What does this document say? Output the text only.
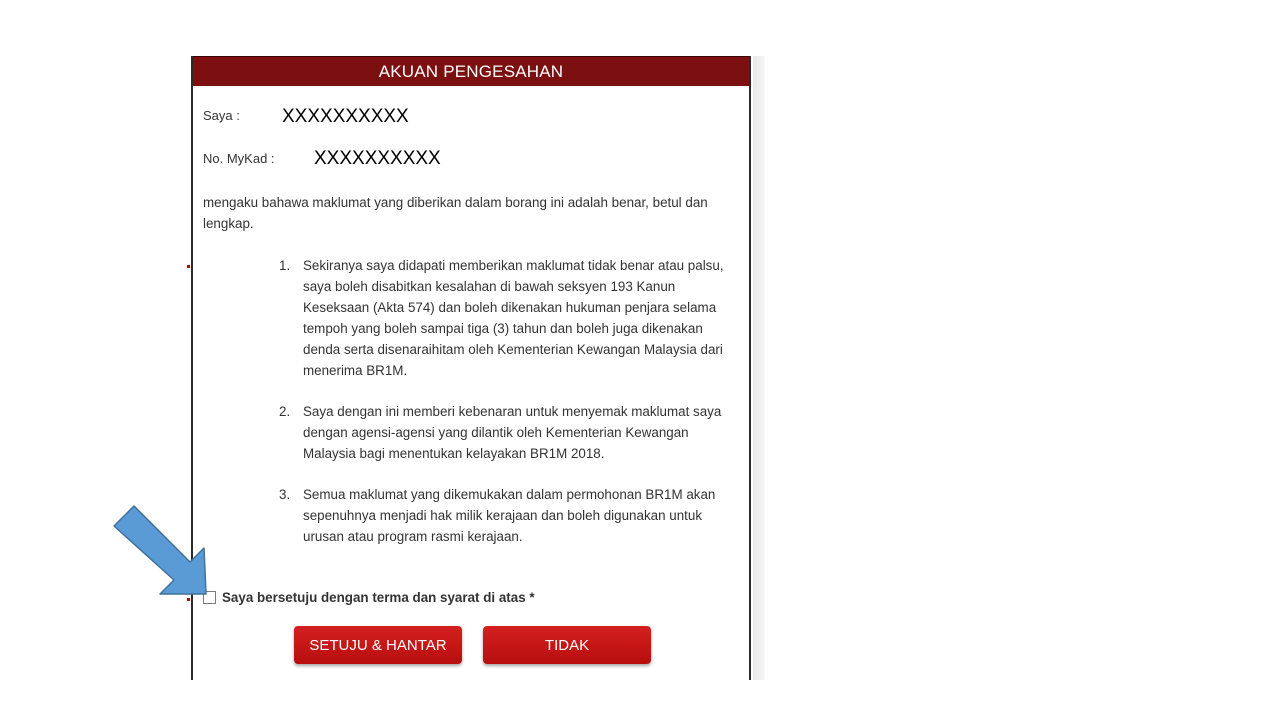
AKUAN PENGESAHAN
Saya : XXXXXXXXXX
No. MyKad : XXXXXXXXXX
mengaku bahawa maklumat yang diberikan dalam borang ini adalah benar, betul dan lengkap.
1. Sekiranya saya didapati memberikan maklumat tidak benar atau palsu, saya boleh disabitkan kesalahan di bawah seksyen 193 Kanun Keseksaan (Akta 574) dan boleh dikenakan hukuman penjara selama tempoh yang boleh sampai tiga (3) tahun dan boleh juga dikenakan denda serta disenaraihitam oleh Kementerian Kewangan Malaysia dari menerima BR1M.
2. Saya dengan ini memberi kebenaran untuk menyemak maklumat saya dengan agensi-agensi yang dilantik oleh Kementerian Kewangan Malaysia bagi menentukan kelayakan BR1M 2018.
3. Semua maklumat yang dikemukakan dalam permohonan BR1M akan sepenuhnya menjadi hak milik kerajaan dan boleh digunakan untuk urusan atau program rasmi kerajaan.
Saya bersetuju dengan terma dan syarat di atas *
SETUJU & HANTAR	TIDAK
